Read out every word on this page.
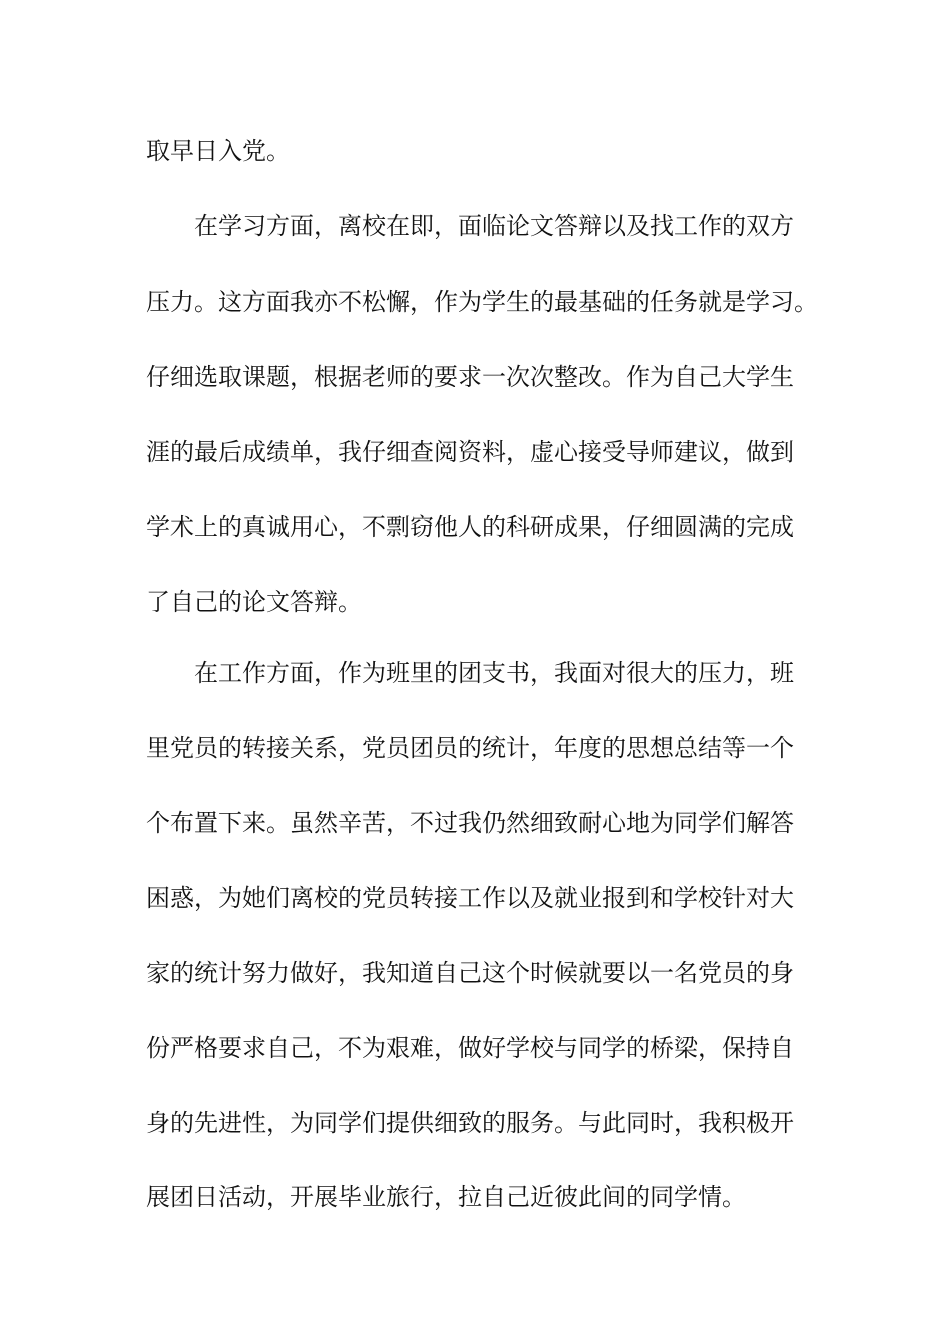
取早日入党。
在学习方面，离校在即，面临论文答辩以及找工作的双方
压力。这方面我亦不松懈，作为学生的最基础的任务就是学习。
仔细选取课题，根据老师的要求一次次整改。作为自己大学生
涯的最后成绩单，我仔细查阅资料，虚心接受导师建议，做到
学术上的真诚用心，不剽窃他人的科研成果，仔细圆满的完成
了自己的论文答辩。
在工作方面，作为班里的团支书，我面对很大的压力，班
里党员的转接关系，党员团员的统计，年度的思想总结等一个
个布置下来。虽然辛苦，不过我仍然细致耐心地为同学们解答
困惑，为她们离校的党员转接工作以及就业报到和学校针对大
家的统计努力做好，我知道自己这个时候就要以一名党员的身
份严格要求自己，不为艰难，做好学校与同学的桥梁，保持自
身的先进性，为同学们提供细致的服务。与此同时，我积极开
展团日活动，开展毕业旅行，拉自己近彼此间的同学情。
